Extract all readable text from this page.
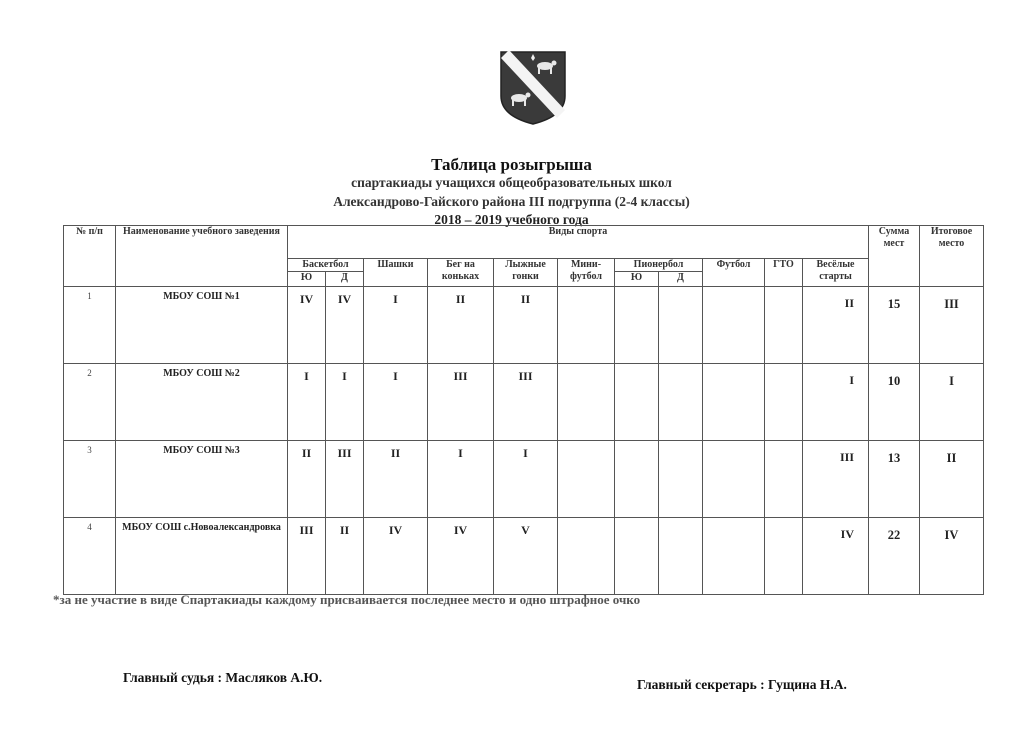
Таблица розыгрыша
спартакиады учащихся общеобразовательных школ
Александрово-Гайского района III подгруппа (2-4 классы)
2018 – 2019 учебного года
№ п/п	Наименование учебного заведения	Виды спорта											Сумма мест	Итоговое место
		Баскетбол		Шашки	Бег на коньках	Лыжные гонки	Мини-футбол	Пионербол		Футбол	ГТО	Весёлые старты		
		Ю	Д					Ю	Д					
1	МБОУ СОШ №1	IV	IV	I	II	II						II	15	III
2	МБОУ СОШ №2	I	I	I	III	III						I	10	I
3	МБОУ СОШ №3	II	III	II	I	I						III	13	II
4	МБОУ СОШ с.Новоалександровка	III	II	IV	IV	V						IV	22	IV
*за не участие в виде Спартакиады каждому присваивается последнее место и одно штрафное очко
Главный судья : Масляков А.Ю.	Главный секретарь : Гущина Н.А.
